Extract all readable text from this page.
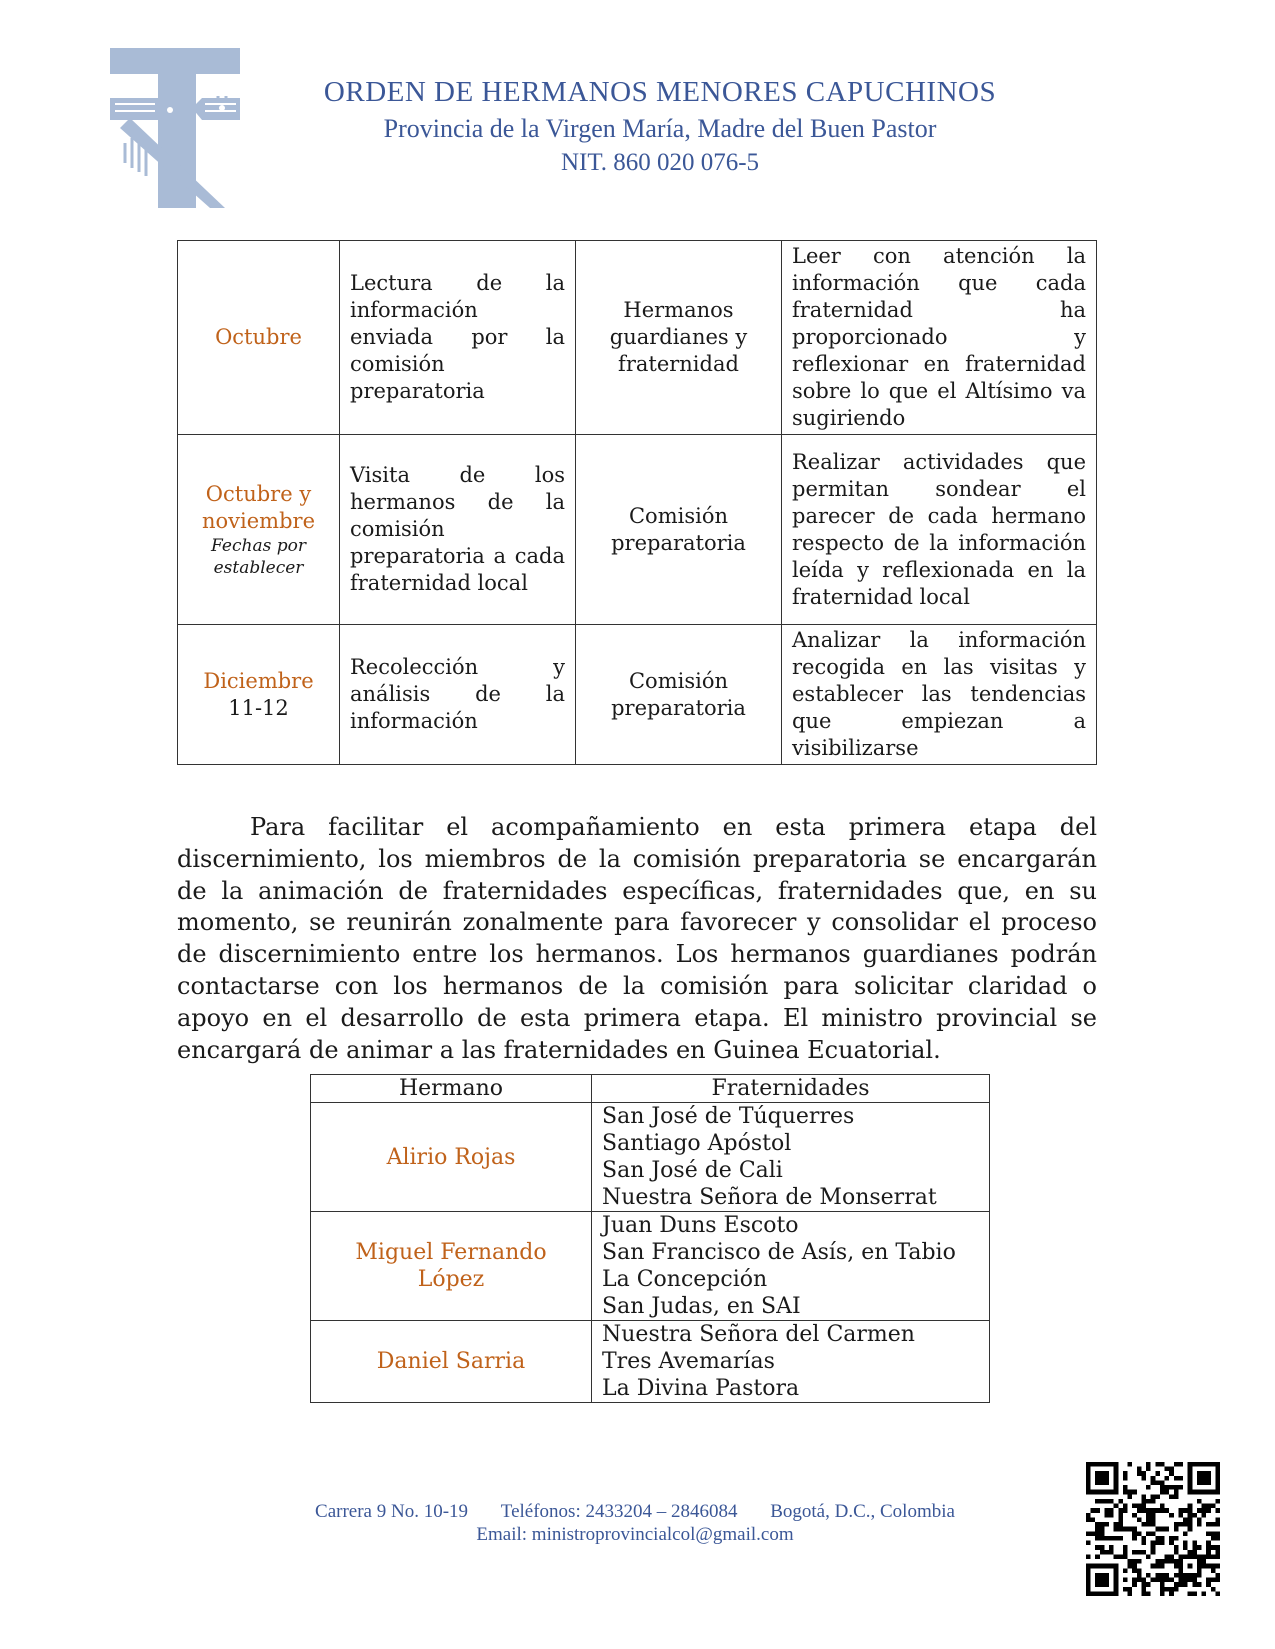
ORDEN DE HERMANOS MENORES CAPUCHINOS
Provincia de la Virgen María, Madre del Buen Pastor
NIT. 860 020 076-5
Octubre	Lectura de la información enviada por la comisión preparatoria	Hermanos guardianes y fraternidad	Leer con atención la información que cada fraternidad ha proporcionado y reflexionar en fraternidad sobre lo que el Altísimo va sugiriendo

Octubre y noviembre
Fechas por establecer	Visita de los hermanos de la comisión preparatoria a cada fraternidad local	Comisión preparatoria	Realizar actividades que permitan sondear el parecer de cada hermano respecto de la información leída y reflexionada en la fraternidad local

Diciembre
11-12	Recolección y análisis de la información	Comisión preparatoria	Analizar la información recogida en las visitas y establecer las tendencias que empiezan a visibilizarse

Para facilitar el acompañamiento en esta primera etapa del discernimiento, los miembros de la comisión preparatoria se encargarán de la animación de fraternidades específicas, fraternidades que, en su momento, se reunirán zonalmente para favorecer y consolidar el proceso de discernimiento entre los hermanos. Los hermanos guardianes podrán contactarse con los hermanos de la comisión para solicitar claridad o apoyo en el desarrollo de esta primera etapa. El ministro provincial se encargará de animar a las fraternidades en Guinea Ecuatorial.

Hermano	Fraternidades
Alirio Rojas	San José de Túquerres
Santiago Apóstol
San José de Cali
Nuestra Señora de Monserrat

Miguel Fernando López	Juan Duns Escoto
San Francisco de Asís, en Tabio
La Concepción
San Judas, en SAI

Daniel Sarria	Nuestra Señora del Carmen
Tres Avemarías
La Divina Pastora
Carrera 9 No. 10-19 Teléfonos: 2433204 – 2846084 Bogotá, D.C., Colombia
Email: ministroprovincialcol@gmail.com
